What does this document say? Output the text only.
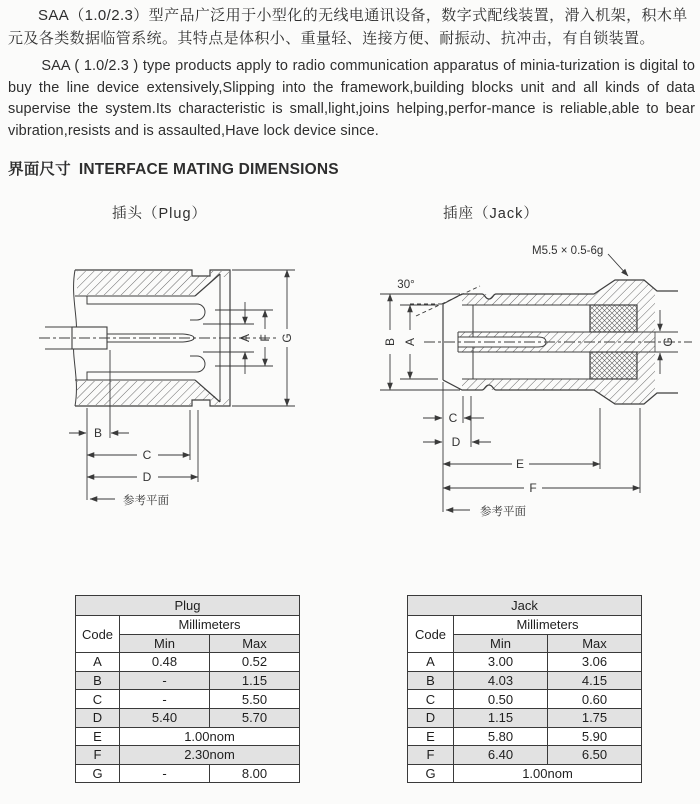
SAA（1.0/2.3）型产品广泛用于小型化的无线电通讯设备，数字式配线装置，滑入机架，积木单元及各类数据临管系统。其特点是体积小、重量轻、连接方便、耐振动、抗冲击，有自锁装置。
SAA ( 1.0/2.3 ) type products apply to radio communication apparatus of minia-turization is digital to buy the line device extensively,Slipping into the framework,building blocks unit and all kinds of data supervise the system.Its characteristic is small,light,joins helping,perfor-mance is reliable,able to bear vibration,resists and is assaulted,Have lock device since.
界面尺寸 INTERFACE MATING DIMENSIONS
插头（Plug）	插座（Jack）
A F G
B
C
D
参考平面
M5.5 × 0.5-6g
30°
B A	G
C
D
E
F
参考平面
Plug		
Code	Millimeters	
	Min	Max
A	0.48	0.52
B	-	1.15
C	-	5.50
D	5.40	5.70
E	1.00nom	
F	2.30nom	
G	-	8.00
Jack		
Code	Millimeters	
	Min	Max
A	3.00	3.06
B	4.03	4.15
C	0.50	0.60
D	1.15	1.75
E	5.80	5.90
F	6.40	6.50
G	1.00nom	
